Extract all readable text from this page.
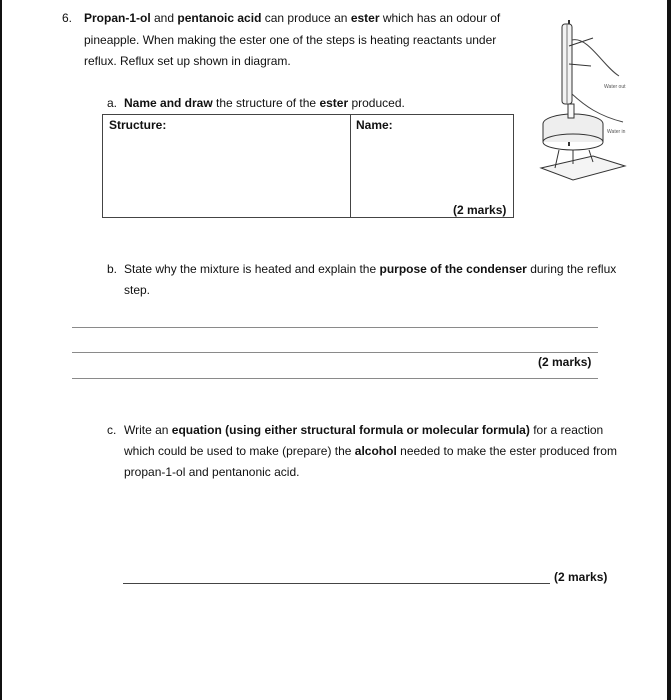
6. Propan-1-ol and pentanoic acid can produce an ester which has an odour of
pineapple. When making the ester one of the steps is heating reactants under
reflux. Reflux set up shown in diagram.
Water out
Water in
a. Name and draw the structure of the ester produced.
Structure:	Name:
(2 marks)
b. State why the mixture is heated and explain the purpose of the condenser during the reflux
step.
(2 marks)
c. Write an equation (using either structural formula or molecular formula) for a reaction
which could be used to make (prepare) the alcohol needed to make the ester produced from
propan-1-ol and pentanonic acid.
(2 marks)
